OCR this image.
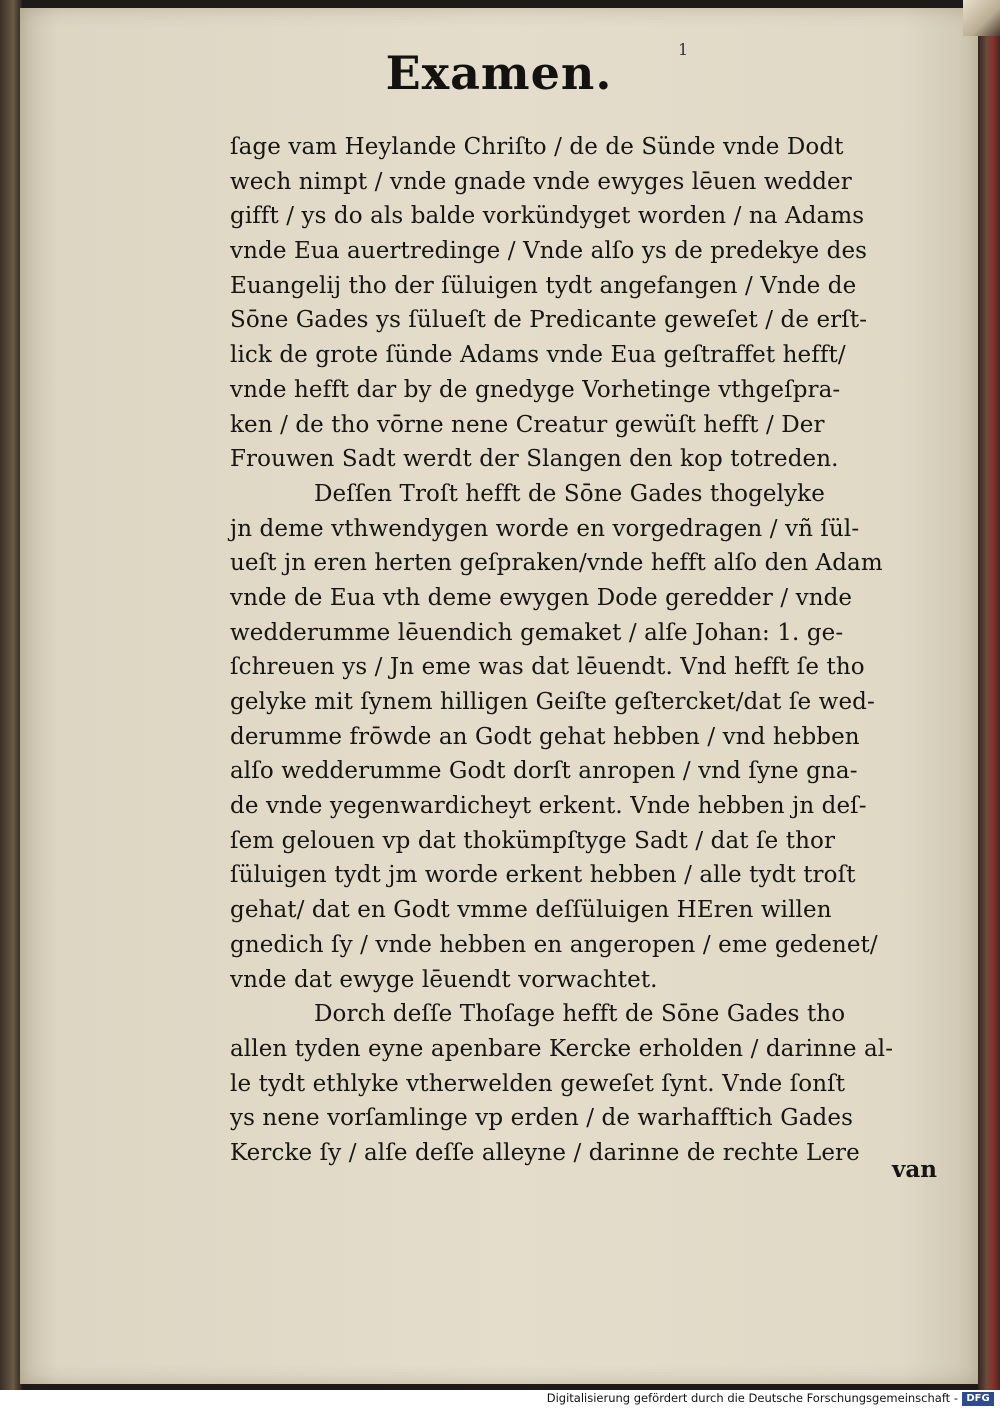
Examen.	1
ſage vam Heylande Chriſto / de de Sünde vnde Dodt
wech nimpt / vnde gnade vnde ewyges lēuen wedder
gifft / ys do als balde vorkündyget worden / na Adams
vnde Eua auertredinge / Vnde alſo ys de predekye des
Euangelij tho der ſüluigen tydt angefangen / Vnde de
Sōne Gades ys ſülueſt de Predicante geweſet / de erſt-
lick de grote ſünde Adams vnde Eua geſtraffet hefft/
vnde hefft dar by de gnedyge Vorhetinge vthgeſpra-
ken / de tho vōrne nene Creatur gewüſt hefft / Der
Frouwen Sadt werdt der Slangen den kop totreden.
Deſſen Troſt hefft de Sōne Gades thogelyke
jn deme vthwendygen worde en vorgedragen / vñ ſül-
ueſt jn eren herten geſpraken/vnde hefft alſo den Adam
vnde de Eua vth deme ewygen Dode geredder / vnde
wedderumme lēuendich gemaket / alſe Johan: 1. ge-
ſchreuen ys / Jn eme was dat lēuendt. Vnd hefft ſe tho
gelyke mit ſynem hilligen Geiſte geſtercket/dat ſe wed-
derumme frōwde an Godt gehat hebben / vnd hebben
alſo wedderumme Godt dorſt anropen / vnd ſyne gna-
de vnde yegenwardicheyt erkent. Vnde hebben jn deſ-
ſem gelouen vp dat thokümpſtyge Sadt / dat ſe thor
ſüluigen tydt jm worde erkent hebben / alle tydt troſt
gehat/ dat en Godt vmme deſſüluigen HEren willen
gnedich ſy / vnde hebben en angeropen / eme gedenet/
vnde dat ewyge lēuendt vorwachtet.
Dorch deſſe Thoſage hefft de Sōne Gades tho
allen tyden eyne apenbare Kercke erholden / darinne al-
le tydt ethlyke vtherwelden geweſet ſynt. Vnde ſonſt
ys nene vorſamlinge vp erden / de warhafftich Gades
Kercke ſy / alſe deſſe alleyne / darinne de rechte Lere
van
Digitalisierung gefördert durch die Deutsche Forschungsgemeinschaft - DFG
